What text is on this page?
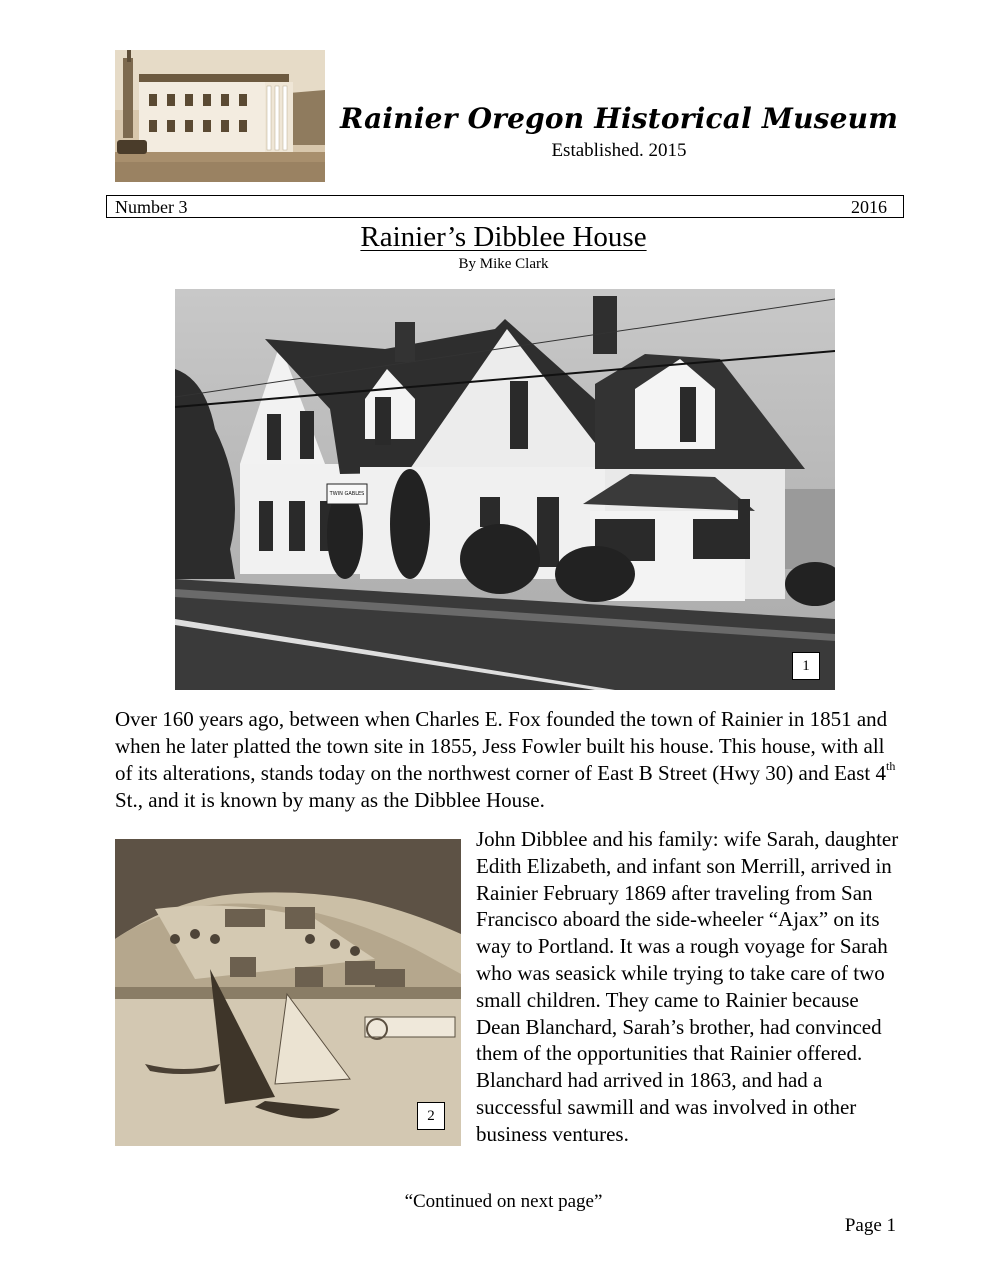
Rainier Oregon Historical Museum
Established. 2015
Number 3	2016
Rainier’s Dibblee House
By Mike Clark
TWIN GABLES
1
Over 160 years ago, between when Charles E. Fox founded the town of Rainier in 1851 and when he later platted the town site in 1855, Jess Fowler built his house. This house, with all of its alterations, stands today on the northwest corner of East B Street (Hwy 30) and East 4th St., and it is known by many as the Dibblee House.
2
John Dibblee and his family: wife Sarah, daughter Edith Elizabeth, and infant son Merrill, arrived in Rainier February 1869 after traveling from San Francisco aboard the side-wheeler “Ajax” on its way to Portland. It was a rough voyage for Sarah who was seasick while trying to take care of two small children. They came to Rainier because Dean Blanchard, Sarah’s brother, had convinced them of the opportunities that Rainier offered. Blanchard had arrived in 1863, and had a successful sawmill and was involved in other business ventures.
“Continued on next page”
Page 1
